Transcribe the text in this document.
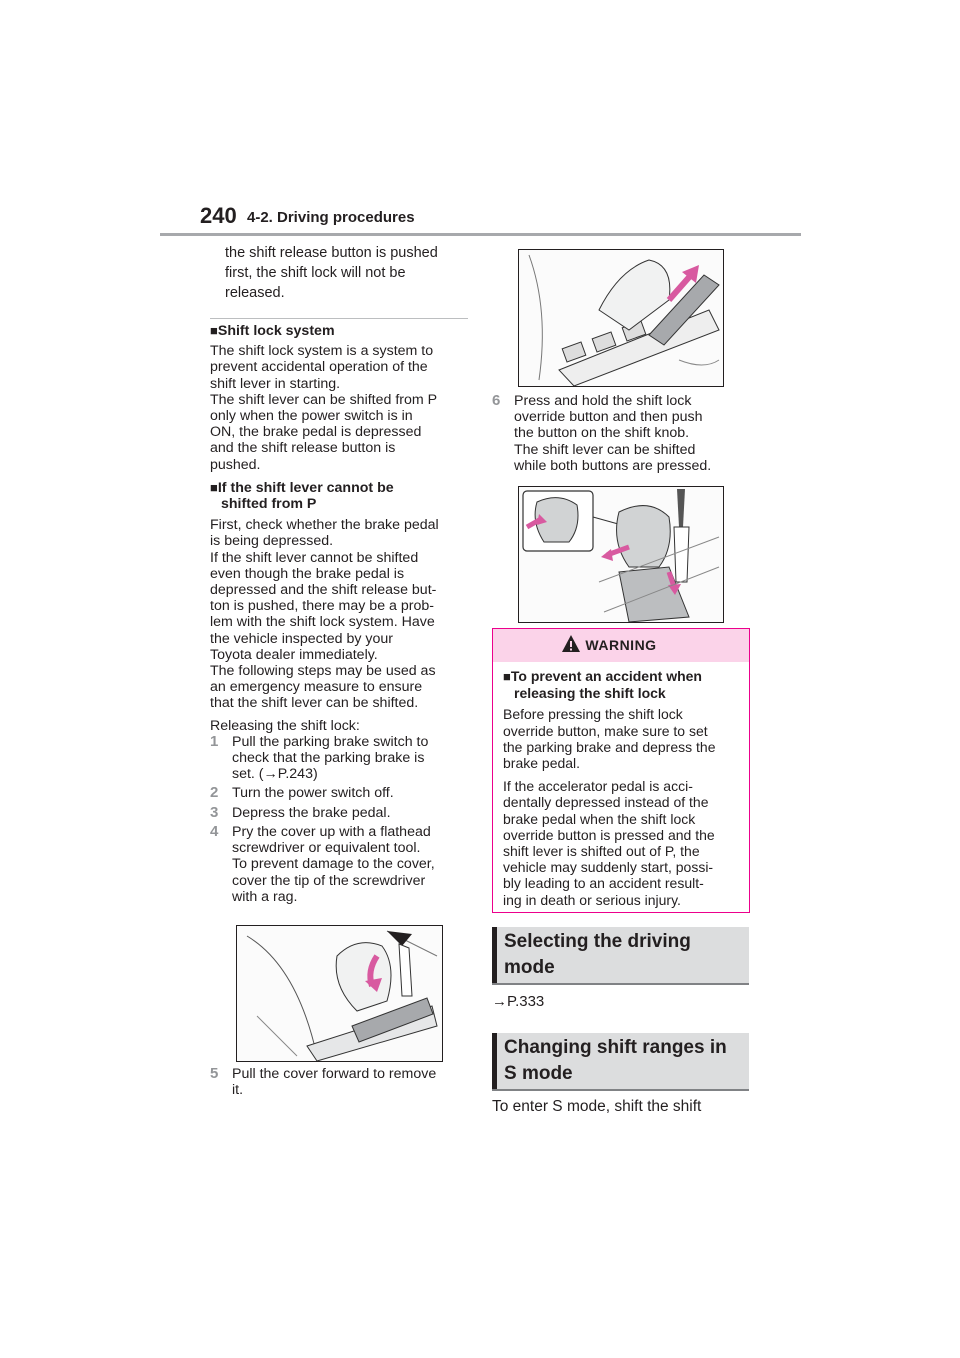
240 4-2. Driving procedures

the shift release button is pushed

first, the shift lock will not be

released.

■Shift lock system

The shift lock system is a system to

prevent accidental operation of the

shift lever in starting.

The shift lever can be shifted from P

only when the power switch is in

ON, the brake pedal is depressed

and the shift release button is

pushed.

■If the shift lever cannot be

shifted from P

First, check whether the brake pedal

is being depressed.

If the shift lever cannot be shifted

even though the brake pedal is

depressed and the shift release but-

ton is pushed, there may be a prob-

lem with the shift lock system. Have

the vehicle inspected by your

Toyota dealer immediately.

The following steps may be used as

an emergency measure to ensure

that the shift lever can be shifted.

Releasing the shift lock:

1 Pull the parking brake switch to

check that the parking brake is

set. (→P.243)

2 Turn the power switch off.

3 Depress the brake pedal.

4 Pry the cover up with a flathead

screwdriver or equivalent tool.

To prevent damage to the cover,

cover the tip of the screwdriver

with a rag.

5 Pull the cover forward to remove

it.

6 Press and hold the shift lock

override button and then push

the button on the shift knob.

The shift lever can be shifted

while both buttons are pressed.

WARNING

■To prevent an accident when

releasing the shift lock

Before pressing the shift lock

override button, make sure to set

the parking brake and depress the

brake pedal.

If the accelerator pedal is acci-

dentally depressed instead of the

brake pedal when the shift lock

override button is pressed and the

shift lever is shifted out of P, the

vehicle may suddenly start, possi-

bly leading to an accident result-

ing in death or serious injury.

Selecting the driving

mode

→P.333

Changing shift ranges in

S mode

To enter S mode, shift the shift
